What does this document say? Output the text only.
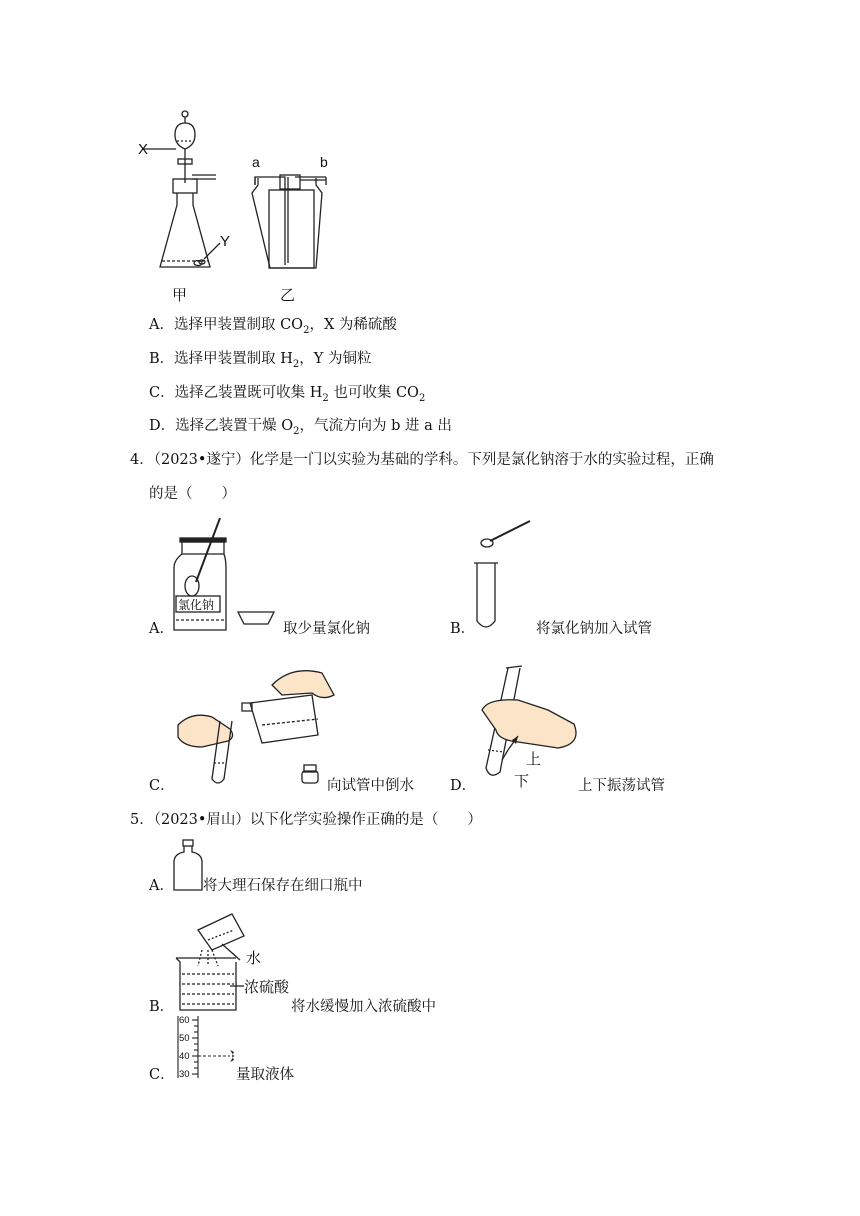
X
Y
甲
a	b
乙
A．选择甲装置制取 $CO_2$，X 为稀硫酸
B．选择甲装置制取 $H_2$，Y 为铜粒
C．选择乙装置既可收集 $H_2$ 也可收集 $CO_2$
D．选择乙装置干燥 $O_2$，气流方向为 b 进 a 出
4．（2023•遂宁）化学是一门以实验为基础的学科。下列是氯化钠溶于水的实验过程，正确
的是（　　）
氯化钠
A．	取少量氯化钠	B．	将氯化钠加入试管
C．	向试管中倒水
上
下
D．	上下振荡试管
5．（2023•眉山）以下化学实验操作正确的是（　　）
A． 将大理石保存在细口瓶中
水
浓硫酸
B．	将水缓慢加入浓硫酸中
60
50
40
30
C．	量取液体
